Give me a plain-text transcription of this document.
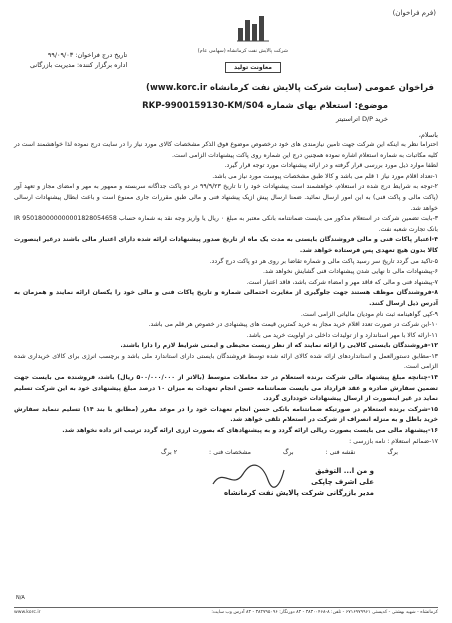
(فرم فراخوان)
شرکت پالایش نفت کرمانشاه (سهامی عام)
معاونت تولید
تاریخ درج فراخوان: ۹۹/۰۹/۰۳
اداره برگزار کننده: مدیریت بازرگانی
فراخوان عمومی (سایت شرکت پالایش نفت کرمانشاه www.korc.ir)
موضوع: استعلام بهای شماره RKP-9900159130-KM/S04
خرید D/P اتراستیتر
باسلام،

احتراما نظر به اینکه این شرکت جهت تامین نیازمندی های خود درخصوص موضوع فوق الذکر مشخصات کالای مورد نیاز را در سایت درج نموده لذا خواهشمند است در کلیه مکاتبات به شماره استعلام اشاره نموده همچنین درج این شماره روی پاکت پیشنهادات الزامی است.

لطفا موارد ذیل مورد بررسی قرار گرفته و در ارائه پیشنهادات مورد توجه قرار گیرد.

۱-تعداد اقلام مورد نیاز ۱ قلم می باشد و کالا طبق مشخصات پیوست مورد نیاز می باشد.

۲-توجه به شرایط درج شده در استعلام، خواهشمند است پیشنهادات خود را تا تاریخ ۹۹/۹/۲۳ در دو پاکت جداگانه سربسته و ممهور به مهر و امضای مجاز و تعهد آور (پاکت مالی و پاکت فنی) به این امور ارسال نمائید. ضمنا ارسال پیش ازیک پیشنهاد فنی و مالی طبق مقررات جاری ممنوع است و باعث ابطال پیشنهادات ارسالی خواهد شد.

۳-بابت تضمین شرکت در استعلام مذکور می بایست ضمانتنامه بانکی معتبر به مبلغ ۰ ریال یا واریز وجه نقد به شماره حساب IR 950180000000001828054658 بانک تجارت شعبه نفت.

۴-اعتبار پاکات فنی و مالی فروشندگان بایستی به مدت یک ماه از تاریخ صدور پیشنهادات ارائه شده دارای اعتبار مالی باشند درغیر اینصورت کالا بدون هیچ تعهدی پس فرستاده خواهد شد.

۵-تاکید می گردد تاریخ سر رسید پاکت مالی و شماره تقاضا بر روی هر دو پاکت درج گردد.

۶-پیشنهادات مالی تا نهایی شدن پیشنهادات فنی گشایش نخواهد شد.

۷-پیشنهاد فنی و مالی که فاقد مهر و امضاء شرکت باشد، فاقد اعتبار است.

۸-فروشندگان موظف هستند جهت جلوگیری از مغایرت احتمالی شماره و تاریخ پاکات فنی و مالی خود را یکسان ارائه نمایند و همزمان به آدرس ذیل ارسال کنند.

۹-کپی گواهینامه ثبت نام مودیان مالیاتی الزامی است.

۱۰-این شرکت در صورت تعدد اقلام خرید مجاز به خرید کمترین قیمت های پیشنهادی در خصوص هر قلم می باشد.

۱۱-ارائه کالا با مهر استاندارد و از تولیدات داخلی در اولویت خرید می باشد.

۱۲-فروشندگان بایستی کالایی را ارائه نمایند که از نظر زیست محیطی و ایمنی شرایط لازم را دارا باشند.

۱۳-مطابق دستورالعمل و استانداردهای ارائه شده کالای ارائه شده توسط فروشندگان بایستی دارای استاندارد ملی باشد و برچسب انرژی برای کالای خریداری شده الزامی است.

۱۴-چنانچه مبلغ پیشنهاد مالی شرکت برنده استعلام در حد معاملات متوسط (بالاتر از ۵۰۰/۰۰۰/۰۰۰ ریال) باشد، فروشنده می بایست جهت تضمین سفارش صادره و عقد قرارداد می بایست ضمانتنامه حسن انجام تعهدات به میزان ۱۰ درصد مبلغ پیشنهادی خود به این شرکت تسلیم نماید در غیر اینصورت از ارسال پیشنهادات خودداری گردد.

۱۵-شرکت برنده استعلام در صورتیکه ضمانتنامه بانکی حسن انجام تعهدات خود را در موعد مقرر (مطابق با بند ۱۴) تسلیم ننماید سفارش خرید باطل و به منزله انصراف از شرکت در استعلام تلقی خواهد شد.

۱۶-پیشنهاد مالی می بایست بصورت ریالی ارائه گردد و به پیشنهادهای که بصورت ارزی ارائه گردد ترتیب اثر داده نخواهد شد.

۱۷-ضمائم استعلام : نامه بازرسی :

برگ
نقشه فنی :
برگ
مشخصات فنی :
۲ برگ
و من ا... التوفیق
علی اشرف چاپکی
مدیر بازرگانی شرکت پالایش نفت کرمانشاه
N/A
کرمانشاه - شهید بهشتی - کدپستی ۶۷۱۶۹۷۹۹۶۱ - تلفن: ۸-۳۸۳۰۰۴۶۸ - ۸۳ دورنگار: ۳۸۲۷۹۵۰۹۶ - ۸۳ آدرس وب سایت:
www.korc.ir
